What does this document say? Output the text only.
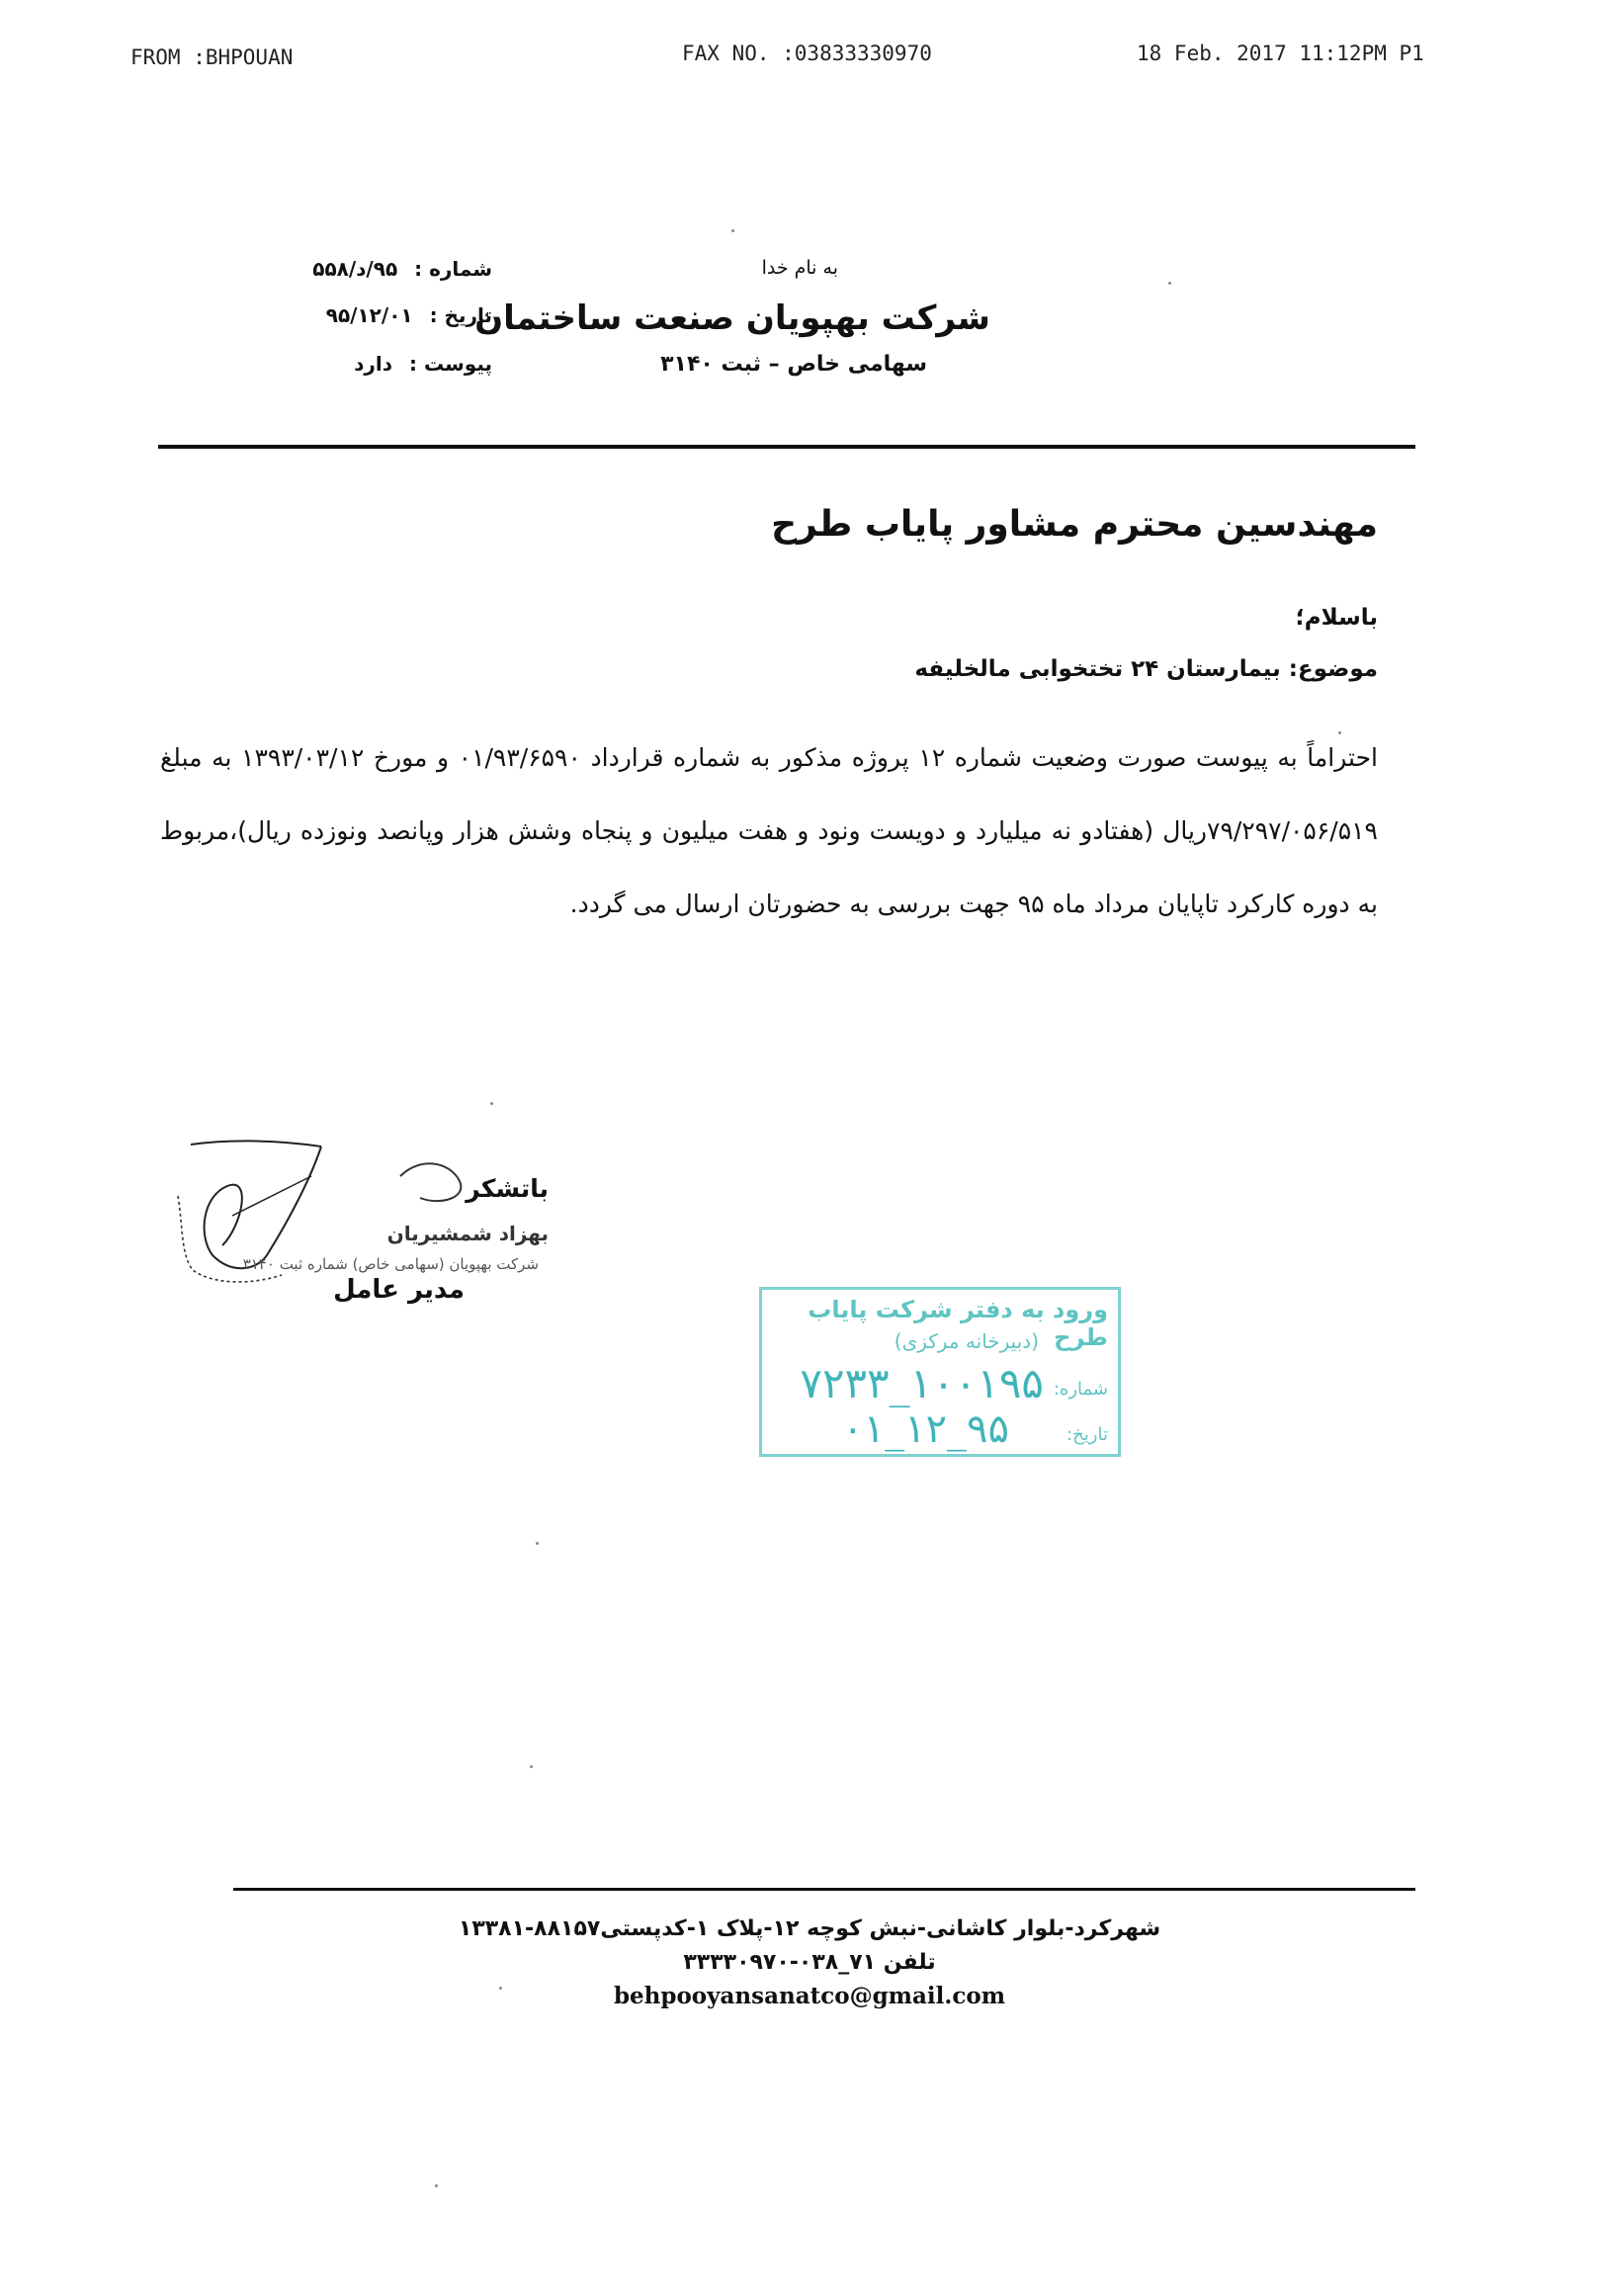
FROM :BHPOUAN	FAX NO. :03833330970	18 Feb. 2017 11:12PM P1
به نام خدا
شرکت بهپویان صنعت ساختمان
سهامی خاص – ثبت ۳۱۴۰
شماره : ۹۵/د/۵۵۸
تاریخ : ۹۵/۱۲/۰۱
پیوست : دارد
مهندسین محترم مشاور پایاب طرح
باسلام؛
موضوع: بیمارستان ۲۴ تختخوابی مالخلیفه
احتراماً به پیوست صورت وضعیت شماره ۱۲ پروژه مذکور به شماره قرارداد ۰۱/۹۳/۶۵۹۰ و مورخ ۱۳۹۳/۰۳/۱۲ به مبلغ ۷۹/۲۹۷/۰۵۶/۵۱۹ریال (هفتادو نه میلیارد و دویست ونود و هفت میلیون و پنجاه وشش هزار وپانصد ونوزده ریال)،مربوط به دوره کارکرد تاپایان مرداد ماه ۹۵ جهت بررسی به حضورتان ارسال می گردد.
باتشکر
بهزاد شمشیریان
شرکت بهپویان (سهامی خاص) شماره ثبت ۳۱۴۰
مدیر عامل
ورود به دفتر شرکت پایاب طرح
(دبیرخانه مرکزی)
شماره:
۱۰۰۱۹۵_۷۲۳۳
تاریخ:
۹۵_۱۲_۰۱
شهرکرد-بلوار کاشانی-نبش کوچه ۱۲-پلاک ۱-کدپستی۸۸۱۵۷-۱۳۳۸۱
تلفن ۷۱_۰۳۸-۳۳۳۳۰۹۷۰
behpooyansanatco@gmail.com
